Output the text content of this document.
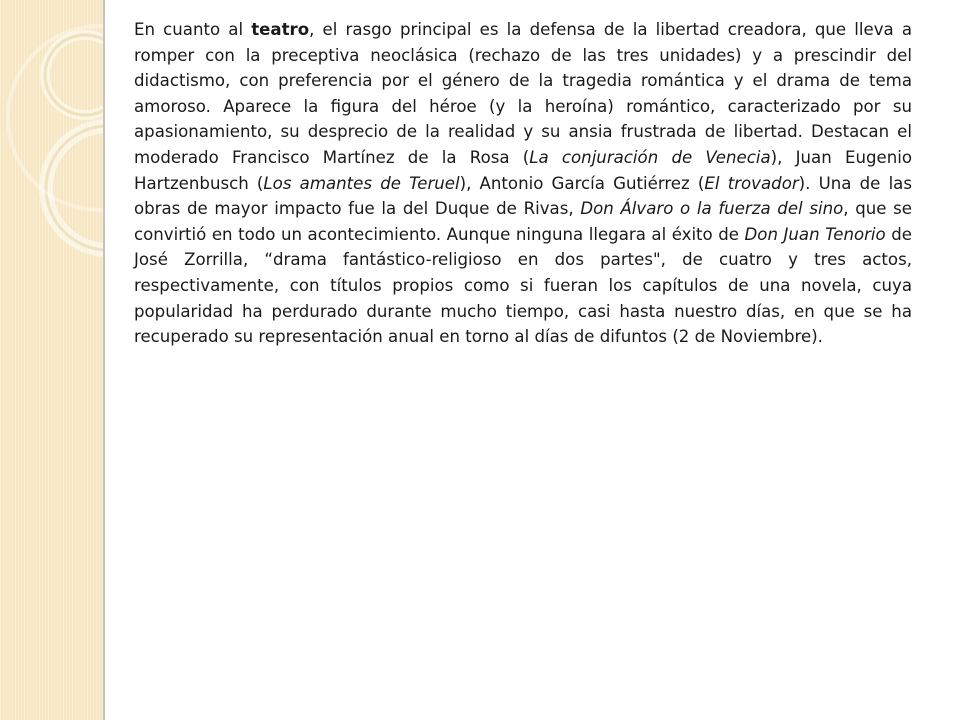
En cuanto al teatro, el rasgo principal es la defensa de la libertad creadora, que lleva a romper con la preceptiva neoclásica (rechazo de las tres unidades) y a prescindir del didactismo, con preferencia por el género de la tragedia romántica y el drama de tema amoroso. Aparece la figura del héroe (y la heroína) romántico, caracterizado por su apasionamiento, su desprecio de la realidad y su ansia frustrada de libertad. Destacan el moderado Francisco Martínez de la Rosa (La conjuración de Venecia), Juan Eugenio Hartzenbusch (Los amantes de Teruel), Antonio García Gutiérrez (El trovador). Una de las obras de mayor impacto fue la del Duque de Rivas, Don Álvaro o la fuerza del sino, que se convirtió en todo un acontecimiento. Aunque ninguna llegara al éxito de Don Juan Tenorio de José Zorrilla, “drama fantástico-religioso en dos partes", de cuatro y tres actos, respectivamente, con títulos propios como si fueran los capítulos de una novela, cuya popularidad ha perdurado durante mucho tiempo, casi hasta nuestro días, en que se ha recuperado su representación anual en torno al días de difuntos (2 de Noviembre).
